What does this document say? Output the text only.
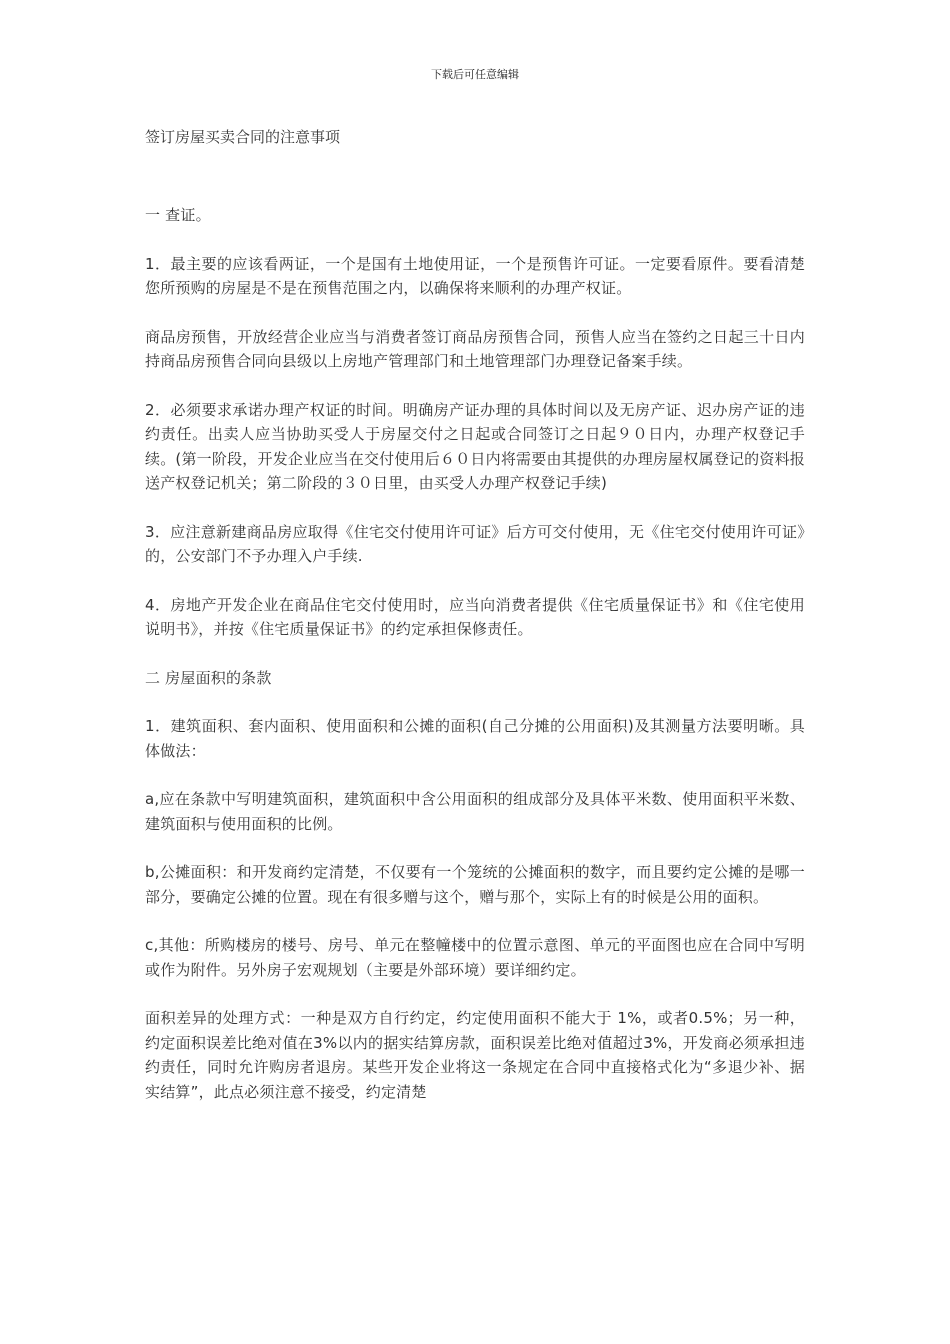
下载后可任意编辑

签订房屋买卖合同的注意事项

一 查证。

1．最主要的应该看两证，一个是国有土地使用证，一个是预售许可证。一定要看原件。要看清楚您所预购的房屋是不是在预售范围之内，以确保将来顺利的办理产权证。

商品房预售，开放经营企业应当与消费者签订商品房预售合同，预售人应当在签约之日起三十日内持商品房预售合同向县级以上房地产管理部门和土地管理部门办理登记备案手续。

2．必须要求承诺办理产权证的时间。明确房产证办理的具体时间以及无房产证、迟办房产证的违约责任。出卖人应当协助买受人于房屋交付之日起或合同签订之日起９０日内，办理产权登记手续。(第一阶段，开发企业应当在交付使用后６０日内将需要由其提供的办理房屋权属登记的资料报送产权登记机关；第二阶段的３０日里，由买受人办理产权登记手续)

3．应注意新建商品房应取得《住宅交付使用许可证》后方可交付使用，无《住宅交付使用许可证》的，公安部门不予办理入户手续.

4．房地产开发企业在商品住宅交付使用时，应当向消费者提供《住宅质量保证书》和《住宅使用说明书》，并按《住宅质量保证书》的约定承担保修责任。

二 房屋面积的条款

1．建筑面积、套内面积、使用面积和公摊的面积(自己分摊的公用面积)及其测量方法要明晰。具体做法：

a,应在条款中写明建筑面积，建筑面积中含公用面积的组成部分及具体平米数、使用面积平米数、建筑面积与使用面积的比例。

b,公摊面积：和开发商约定清楚，不仅要有一个笼统的公摊面积的数字，而且要约定公摊的是哪一部分，要确定公摊的位置。现在有很多赠与这个，赠与那个，实际上有的时候是公用的面积。

c,其他：所购楼房的楼号、房号、单元在整幢楼中的位置示意图、单元的平面图也应在合同中写明或作为附件。另外房子宏观规划（主要是外部环境）要详细约定。

面积差异的处理方式：一种是双方自行约定，约定使用面积不能大于 1%，或者0.5%；另一种，约定面积误差比绝对值在3%以内的据实结算房款，面积误差比绝对值超过3%，开发商必须承担违约责任，同时允许购房者退房。某些开发企业将这一条规定在合同中直接格式化为“多退少补、据实结算”，此点必须注意不接受，约定清楚
